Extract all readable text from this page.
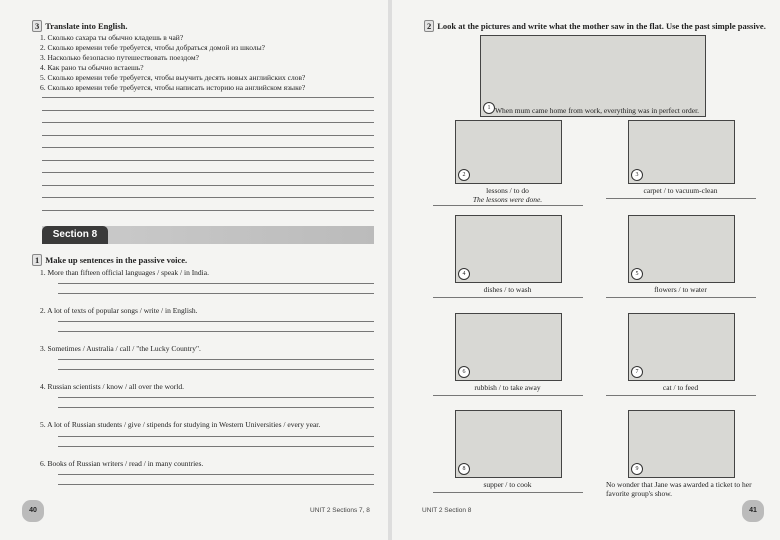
3 Translate into English.
1. Сколько сахара ты обычно кладешь в чай?
2. Сколько времени тебе требуется, чтобы добраться домой из школы?
3. Насколько безопасно путешествовать поездом?
4. Как рано ты обычно встаешь?
5. Сколько времени тебе требуется, чтобы выучить десять новых английских слов?
6. Сколько времени тебе требуется, чтобы написать историю на английском языке?
Section 8
1 Make up sentences in the passive voice.
1. More than fifteen official languages / speak / in India.
2. A lot of texts of popular songs / write / in English.
3. Sometimes / Australia / call / "the Lucky Country".
4. Russian scientists / know / all over the world.
5. A lot of Russian students / give / stipends for studying in Western Universities / every year.
6. Books of Russian writers / read / in many countries.
40	UNIT 2 Sections 7, 8
2 Look at the pictures and write what the mother saw in the flat. Use the past simple passive.
1 When mum came home from work, everything was in perfect order.
2
lessons / to do
The lessons were done.
3
carpet / to vacuum-clean
4
dishes / to wash
5
flowers / to water
6
rubbish / to take away
7
cat / to feed
8
supper / to cook
9
No wonder that Jane was awarded a ticket to her favorite group's show.
41
UNIT 2 Section 8
